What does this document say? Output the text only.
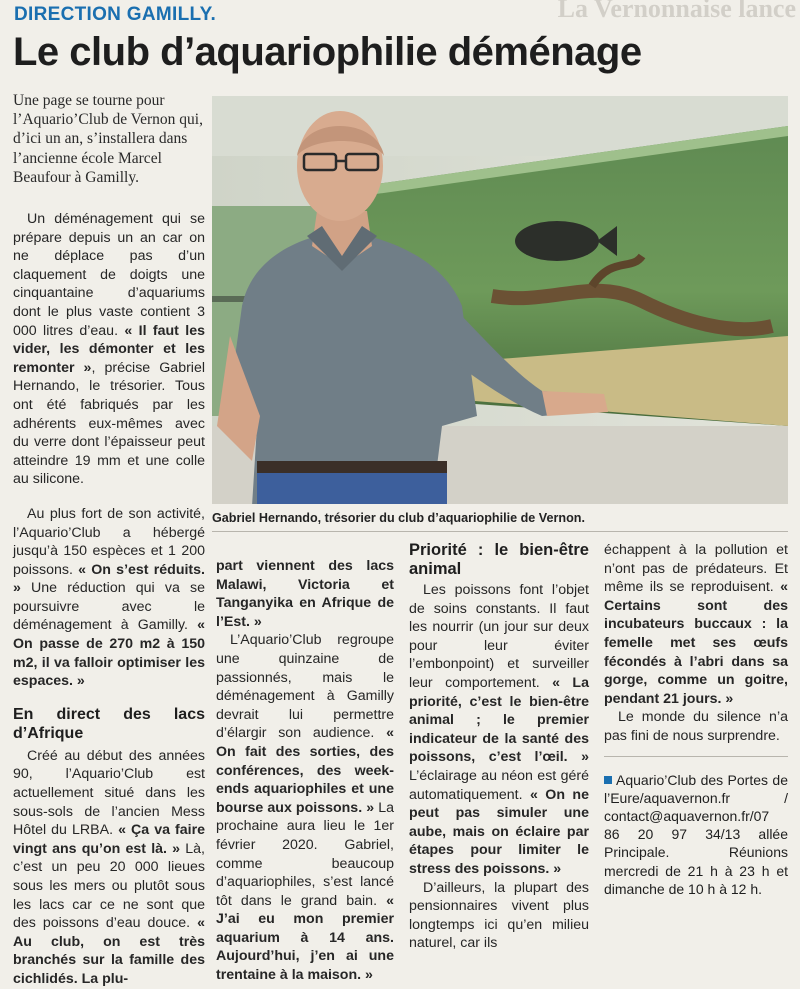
La Vernonnaise lance
DIRECTION GAMILLY.
Le club d’aquariophilie déménage
Une page se tourne pour l’Aquario’Club de Vernon qui, d’ici un an, s’installera dans l’ancienne école Marcel Beaufour à Gamilly.

Un déménagement qui se prépare depuis un an car on ne déplace pas d’un claquement de doigts une cinquantaine d’aquariums dont le plus vaste contient 3 000 litres d’eau. « Il faut les vider, les démonter et les remonter », précise Gabriel Hernando, le trésorier. Tous ont été fabriqués par les adhérents eux-mêmes avec du verre dont l’épaisseur peut atteindre 19 mm et une colle au silicone.

Au plus fort de son activité, l’Aquario’Club a hébergé jusqu’à 150 espèces et 1 200 poissons. « On s’est réduits. » Une réduction qui va se poursuivre avec le déménagement à Gamilly. « On passe de 270 m2 à 150 m2, il va falloir optimiser les espaces. »

En direct des lacs d’Afrique

Créé au début des années 90, l’Aquario’Club est actuellement situé dans les sous-sols de l’ancien Mess Hôtel du LRBA. « Ça va faire vingt ans qu’on est là. » Là, c’est un peu 20 000 lieues sous les mers ou plutôt sous les lacs car ce ne sont que des poissons d’eau douce. « Au club, on est très branchés sur la famille des cichlidés. La plu-

Gabriel Hernando, trésorier du club d’aquariophilie de Vernon.

part viennent des lacs Malawi, Victoria et Tanganyika en Afrique de l’Est. »

L’Aquario’Club regroupe une quinzaine de passionnés, mais le déménagement à Gamilly devrait lui permettre d’élargir son audience. « On fait des sorties, des conférences, des week-ends aquariophiles et une bourse aux poissons. » La prochaine aura lieu le 1er février 2020. Gabriel, comme beaucoup d’aquariophiles, s’est lancé tôt dans le grand bain. « J’ai eu mon premier aquarium à 14 ans. Aujourd’hui, j’en ai une trentaine à la maison. »

Priorité : le bien-être animal

Les poissons font l’objet de soins constants. Il faut les nourrir (un jour sur deux pour leur éviter l’embonpoint) et surveiller leur comportement. « La priorité, c’est le bien-être animal ; le premier indicateur de la santé des poissons, c’est l’œil. » L’éclairage au néon est géré automatiquement. « On ne peut pas simuler une aube, mais on éclaire par étapes pour limiter le stress des poissons. »

D’ailleurs, la plupart des pensionnaires vivent plus longtemps ici qu’en milieu naturel, car ils

échappent à la pollution et n’ont pas de prédateurs. Et même ils se reproduisent. « Certains sont des incubateurs buccaux : la femelle met ses œufs fécondés à l’abri dans sa gorge, comme un goitre, pendant 21 jours. »

Le monde du silence n’a pas fini de nous surprendre.

Aquario’Club des Portes de l’Eure/aquavernon.fr / contact@aquavernon.fr/07 86 20 97 34/13 allée Principale. Réunions mercredi de 21 h à 23 h et dimanche de 10 h à 12 h.
